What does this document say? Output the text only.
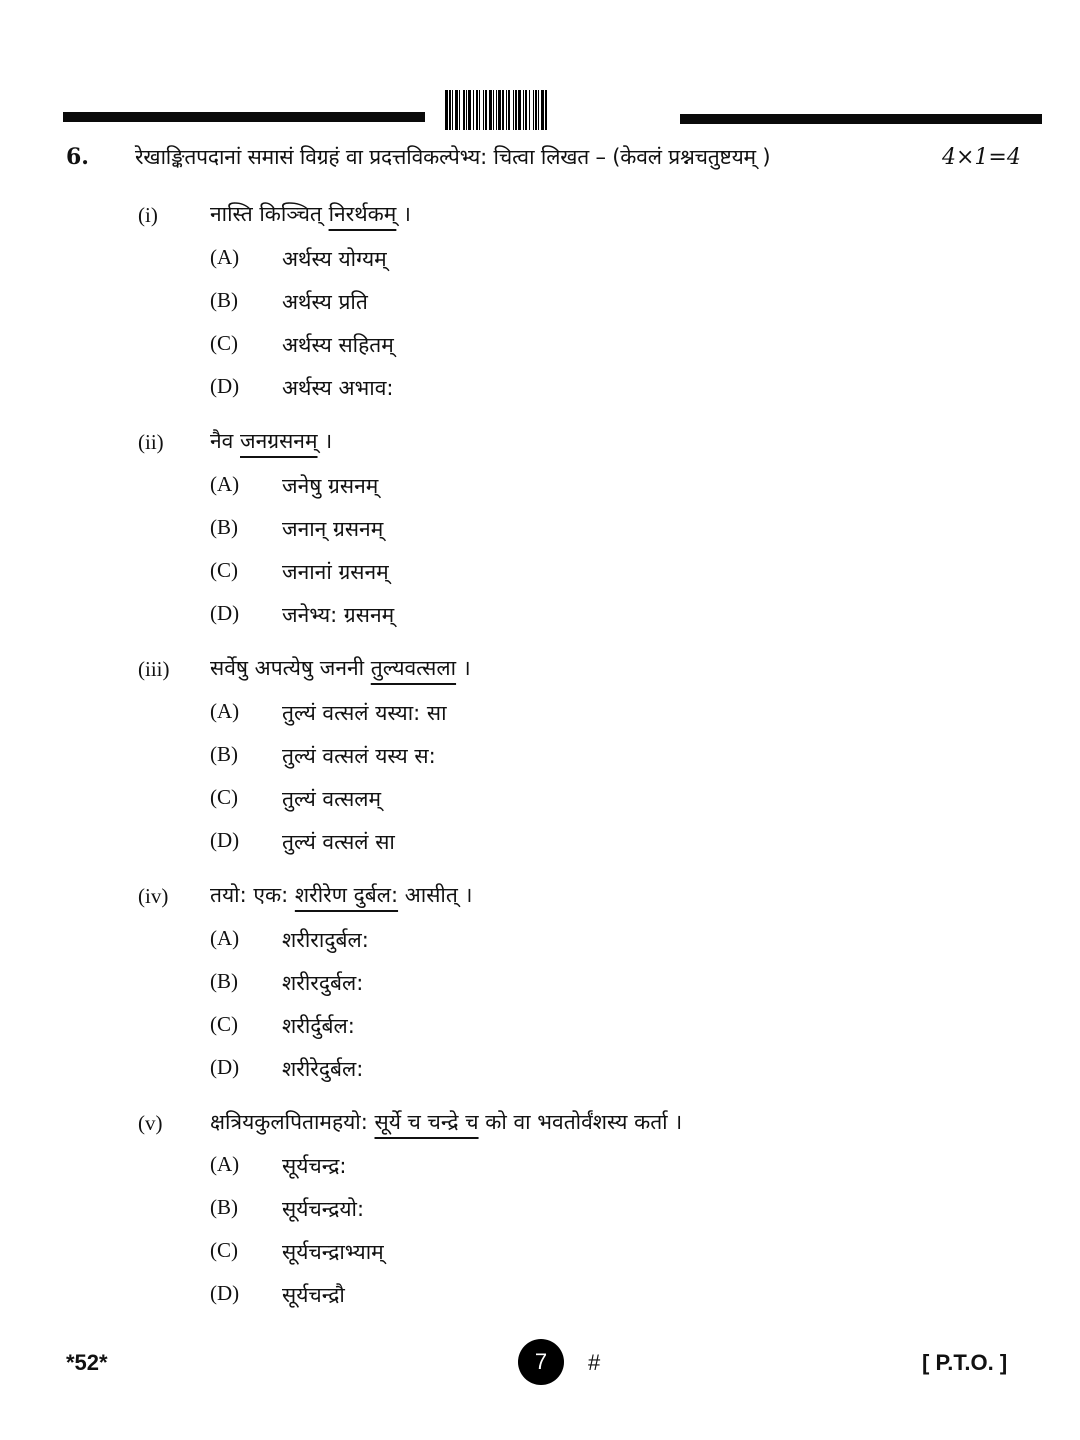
6. रेखाङ्कितपदानां समासं विग्रहं वा प्रदत्तविकल्पेभ्य: चित्वा लिखत – (केवलं प्रश्नचतुष्टयम् )	4×1=4
(i) नास्ति किञ्चित् निरर्थकम् ।
(A) अर्थस्य योग्यम्
(B) अर्थस्य प्रति
(C) अर्थस्य सहितम्
(D) अर्थस्य अभाव:
(ii) नैव जनग्रसनम् ।
(A) जनेषु ग्रसनम्
(B) जनान् ग्रसनम्
(C) जनानां ग्रसनम्
(D) जनेभ्य: ग्रसनम्
(iii) सर्वेषु अपत्येषु जननी तुल्यवत्सला ।
(A) तुल्यं वत्सलं यस्या: सा
(B) तुल्यं वत्सलं यस्य स:
(C) तुल्यं वत्सलम्
(D) तुल्यं वत्सलं सा
(iv) तयो: एक: शरीरेण दुर्बल: आसीत् ।
(A) शरीरादुर्बल:
(B) शरीरदुर्बल:
(C) शरीर्दुर्बल:
(D) शरीरेदुर्बल:
(v) क्षत्रियकुलपितामहयो: सूर्ये च चन्द्रे च को वा भवतोर्वंशस्य कर्ता ।
(A) सूर्यचन्द्र:
(B) सूर्यचन्द्रयो:
(C) सूर्यचन्द्राभ्याम्
(D) सूर्यचन्द्रौ
*52*	7 #	[ P.T.O. ]
